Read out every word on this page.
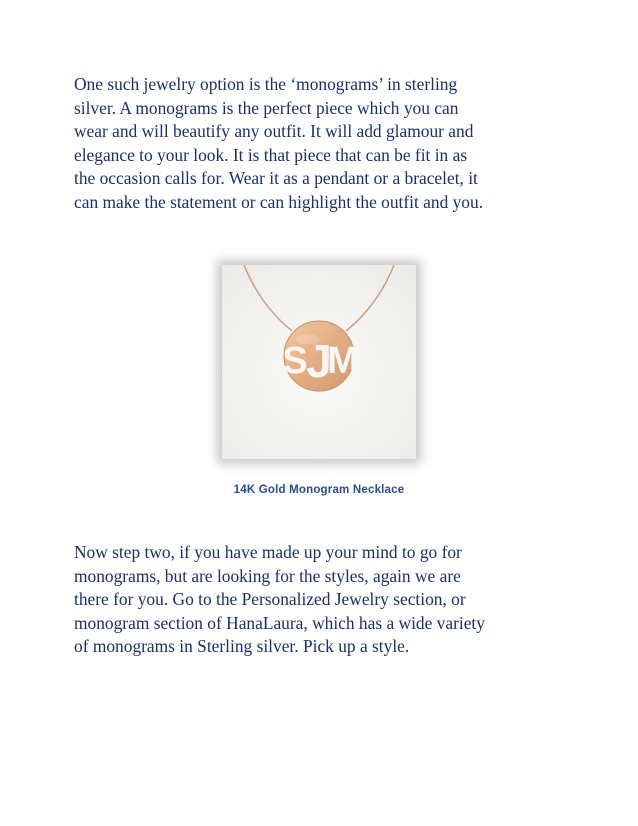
One such jewelry option is the ‘monograms’ in sterling
silver. A monograms is the perfect piece which you can
wear and will beautify any outfit. It will add glamour and
elegance to your look. It is that piece that can be fit in as
the occasion calls for. Wear it as a pendant or a bracelet, it
can make the statement or can highlight the outfit and you.

S
J
M
14K Gold Monogram Necklace

Now step two, if you have made up your mind to go for
monograms, but are looking for the styles, again we are
there for you. Go to the Personalized Jewelry section, or
monogram section of HanaLaura, which has a wide variety
of monograms in Sterling silver. Pick up a style.
